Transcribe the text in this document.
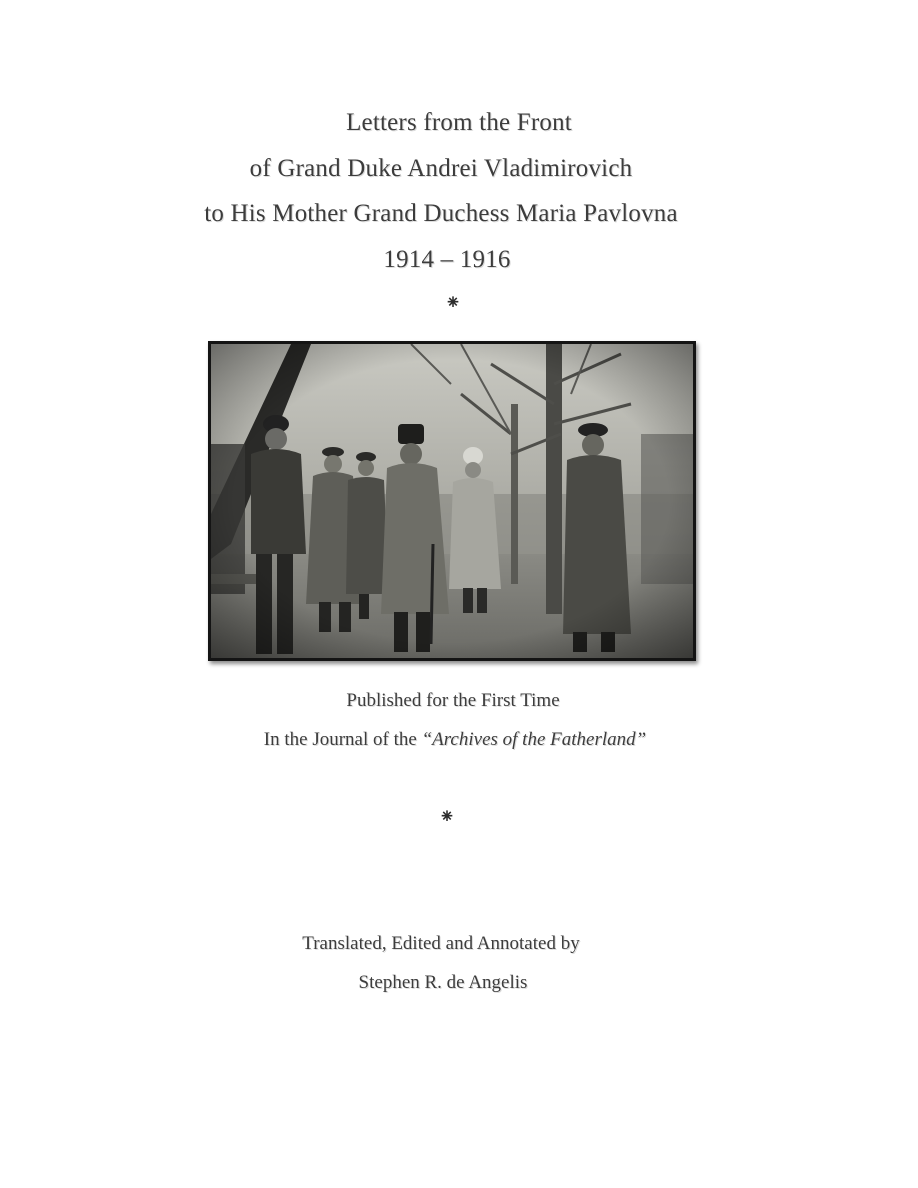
Letters from the Front
of Grand Duke Andrei Vladimirovich
to His Mother Grand Duchess Maria Pavlovna
1914 – 1916
⁕
Published for the First Time
In the Journal of the “Archives of the Fatherland”
⁕
Translated, Edited and Annotated by
Stephen R. de Angelis
